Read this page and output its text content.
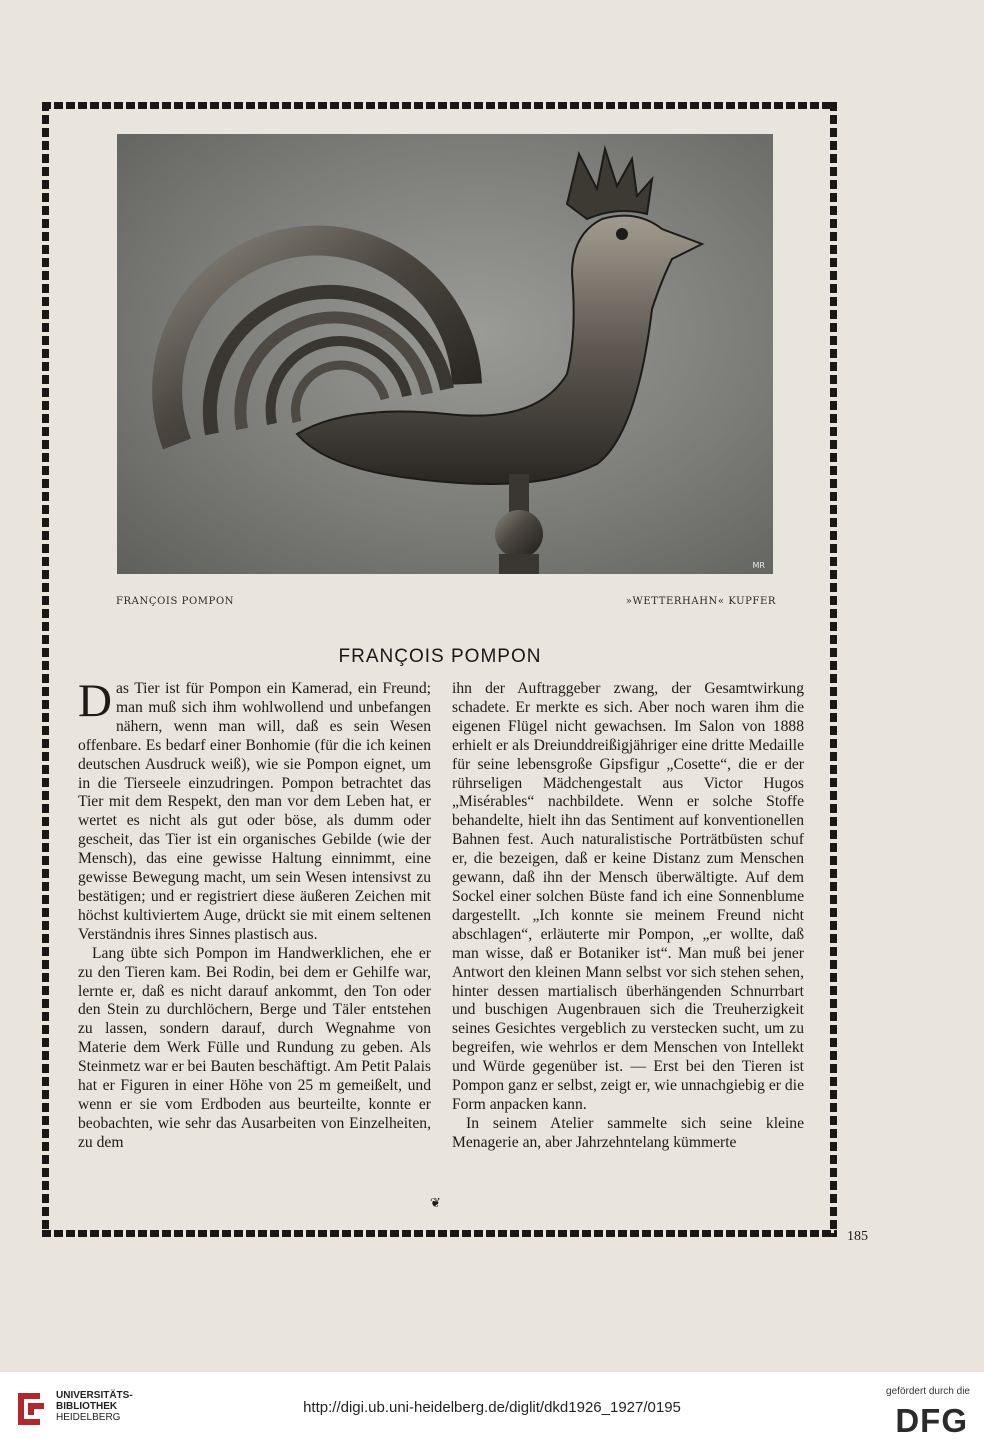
MR
FRANÇOIS POMPON	»WETTERHAHN« KUPFER
FRANÇOIS POMPON

Das Tier ist für Pompon ein Kamerad, ein Freund; man muß sich ihm wohlwollend und unbefangen nähern, wenn man will, daß es sein Wesen offenbare. Es bedarf einer Bonhomie (für die ich keinen deutschen Ausdruck weiß), wie sie Pompon eignet, um in die Tierseele einzudringen. Pompon betrachtet das Tier mit dem Respekt, den man vor dem Leben hat, er wertet es nicht als gut oder böse, als dumm oder gescheit, das Tier ist ein organisches Gebilde (wie der Mensch), das eine gewisse Haltung einnimmt, eine gewisse Bewegung macht, um sein Wesen intensivst zu bestätigen; und er registriert diese äußeren Zeichen mit höchst kultiviertem Auge, drückt sie mit einem seltenen Verständnis ihres Sinnes plastisch aus.

Lang übte sich Pompon im Handwerklichen, ehe er zu den Tieren kam. Bei Rodin, bei dem er Gehilfe war, lernte er, daß es nicht darauf ankommt, den Ton oder den Stein zu durchlöchern, Berge und Täler entstehen zu lassen, sondern darauf, durch Wegnahme von Materie dem Werk Fülle und Rundung zu geben. Als Steinmetz war er bei Bauten beschäftigt. Am Petit Palais hat er Figuren in einer Höhe von 25 m gemeißelt, und wenn er sie vom Erdboden aus beurteilte, konnte er beobachten, wie sehr das Ausarbeiten von Einzelheiten, zu dem

ihn der Auftraggeber zwang, der Gesamtwirkung schadete. Er merkte es sich. Aber noch waren ihm die eigenen Flügel nicht gewachsen. Im Salon von 1888 erhielt er als Dreiunddreißigjähriger eine dritte Medaille für seine lebensgroße Gipsfigur „Cosette“, die er der rührseligen Mädchengestalt aus Victor Hugos „Misérables“ nachbildete. Wenn er solche Stoffe behandelte, hielt ihn das Sentiment auf konventionellen Bahnen fest. Auch naturalistische Porträtbüsten schuf er, die bezeigen, daß er keine Distanz zum Menschen gewann, daß ihn der Mensch überwältigte. Auf dem Sockel einer solchen Büste fand ich eine Sonnenblume dargestellt. „Ich konnte sie meinem Freund nicht abschlagen“, erläuterte mir Pompon, „er wollte, daß man wisse, daß er Botaniker ist“. Man muß bei jener Antwort den kleinen Mann selbst vor sich stehen sehen, hinter dessen martialisch überhängenden Schnurrbart und buschigen Augenbrauen sich die Treuherzigkeit seines Gesichtes vergeblich zu verstecken sucht, um zu begreifen, wie wehrlos er dem Menschen von Intellekt und Würde gegenüber ist. — Erst bei den Tieren ist Pompon ganz er selbst, zeigt er, wie unnachgiebig er die Form anpacken kann.

In seinem Atelier sammelte sich seine kleine Menagerie an, aber Jahrzehntelang kümmerte

❦
185
UNIVERSITÄTS-
BIBLIOTHEK
HEIDELBERG
http://digi.ub.uni-heidelberg.de/diglit/dkd1926_1927/0195
gefördert durch die
DFG
